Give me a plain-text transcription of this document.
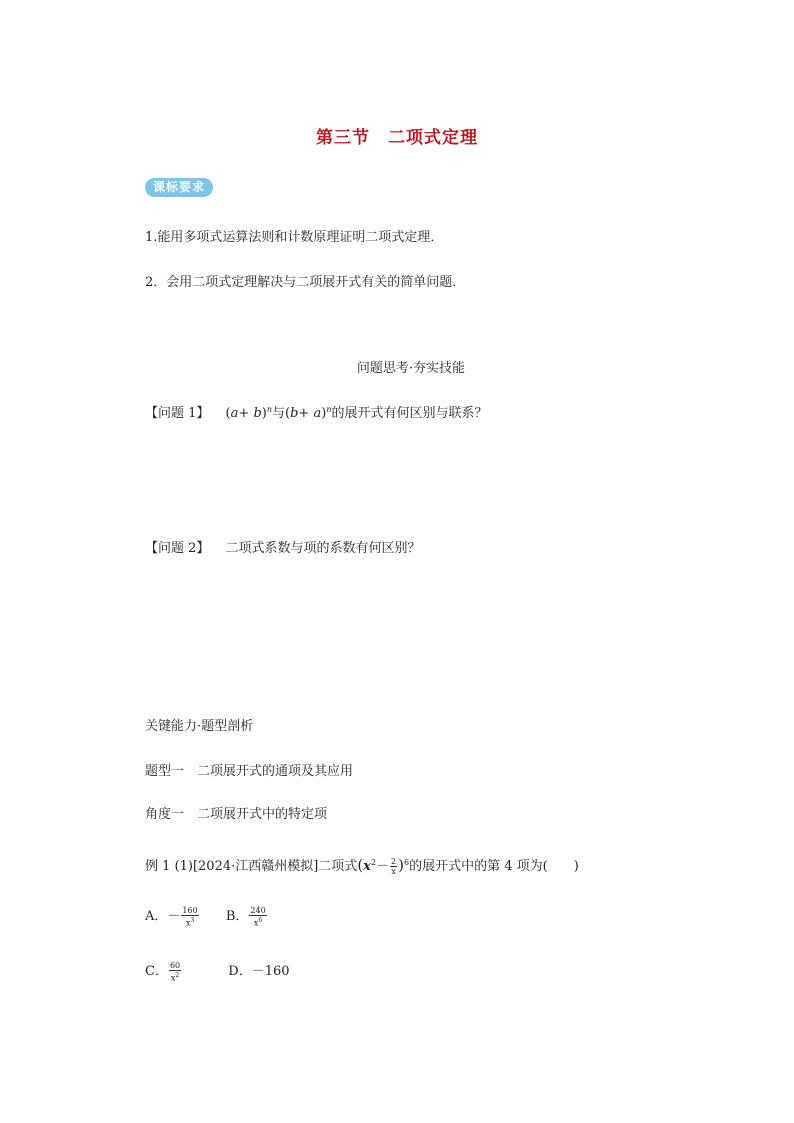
第三节　二项式定理
课标要求
1.能用多项式运算法则和计数原理证明二项式定理．
2．会用二项式定理解决与二项展开式有关的简单问题．
问题思考·夯实技能
【问题 1】 $(a+ b)^n$与$(b+ a)^n$的展开式有何区别与联系？
【问题 2】 二项式系数与项的系数有何区别？
关键能力·题型剖析
题型一　二项展开式的通项及其应用
角度一　二项展开式中的特定项
例 1 (1)[2024·江西赣州模拟]二项式$(x^2- \frac{2}{x} )^6$的展开式中的第 4 项为(　　)
A．－ $\frac{160}{x^3}$ B． $\frac{240}{x^6}$
C． $\frac{60}{x^2}$	D．－160
